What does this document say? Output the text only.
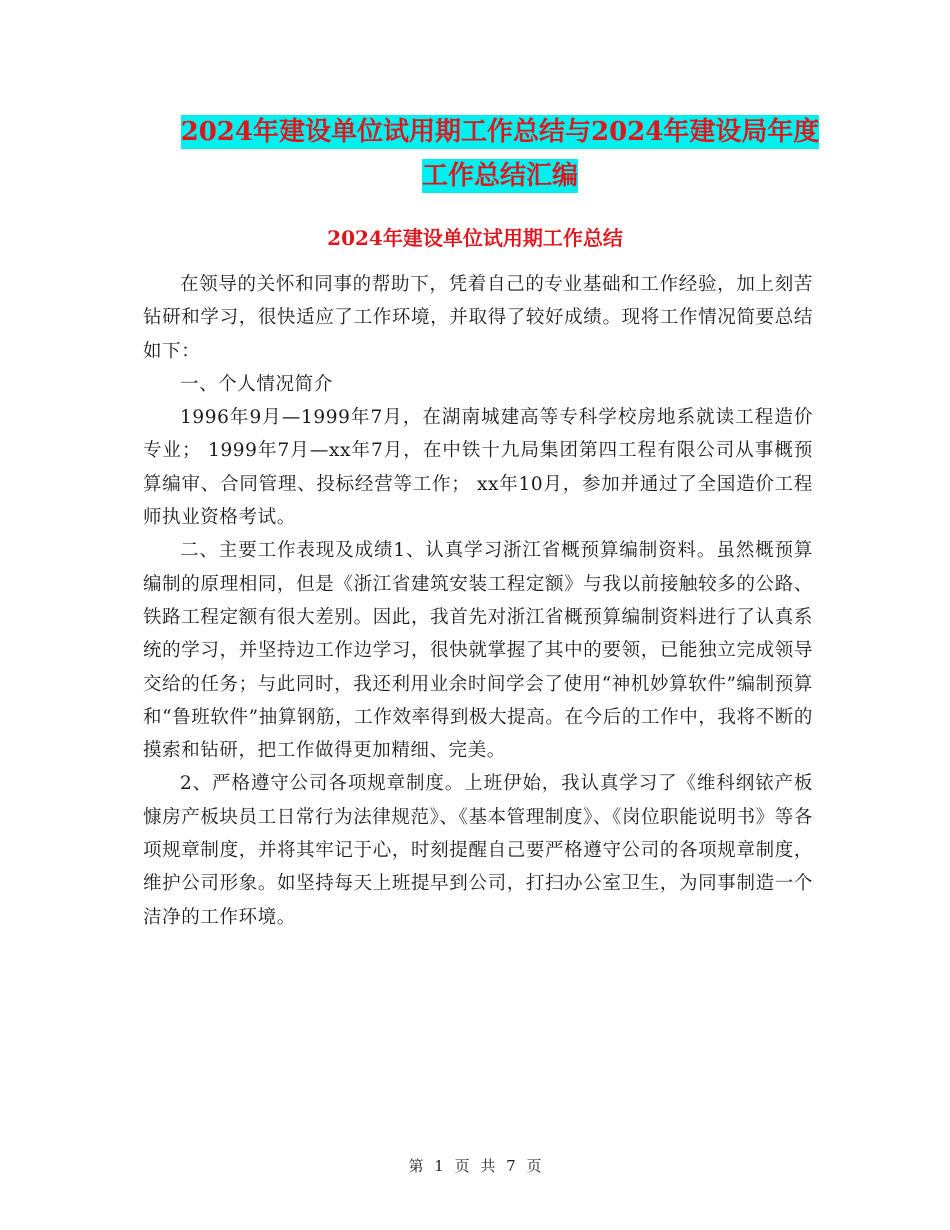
2024年建设单位试用期工作总结与2024年建设局年度
工作总结汇编
2024年建设单位试用期工作总结

在领导的关怀和同事的帮助下，凭着自己的专业基础和工作经验，加上刻苦钻研和学习，很快适应了工作环境，并取得了较好成绩。现将工作情况简要总结如下：

一、个人情况简介

1996年9月—1999年7月，在湖南城建高等专科学校房地系就读工程造价专业； 1999年7月—xx年7月，在中铁十九局集团第四工程有限公司从事概预算编审、合同管理、投标经营等工作； xx年10月，参加并通过了全国造价工程师执业资格考试。

二、主要工作表现及成绩1、认真学习浙江省概预算编制资料。虽然概预算编制的原理相同，但是《浙江省建筑安装工程定额》与我以前接触较多的公路、铁路工程定额有很大差别。因此，我首先对浙江省概预算编制资料进行了认真系统的学习，并坚持边工作边学习，很快就掌握了其中的要领，已能独立完成领导交给的任务；与此同时，我还利用业余时间学会了使用“神机妙算软件”编制预算和“鲁班软件”抽算钢筋，工作效率得到极大提高。在今后的工作中，我将不断的摸索和钻研，把工作做得更加精细、完美。

2、严格遵守公司各项规章制度。上班伊始，我认真学习了《维科纲铱产板慷房产板块员工日常行为法律规范》、《基本管理制度》、《岗位职能说明书》等各项规章制度，并将其牢记于心，时刻提醒自己要严格遵守公司的各项规章制度，维护公司形象。如坚持每天上班提早到公司，打扫办公室卫生，为同事制造一个洁净的工作环境。

第 1 页 共 7 页
